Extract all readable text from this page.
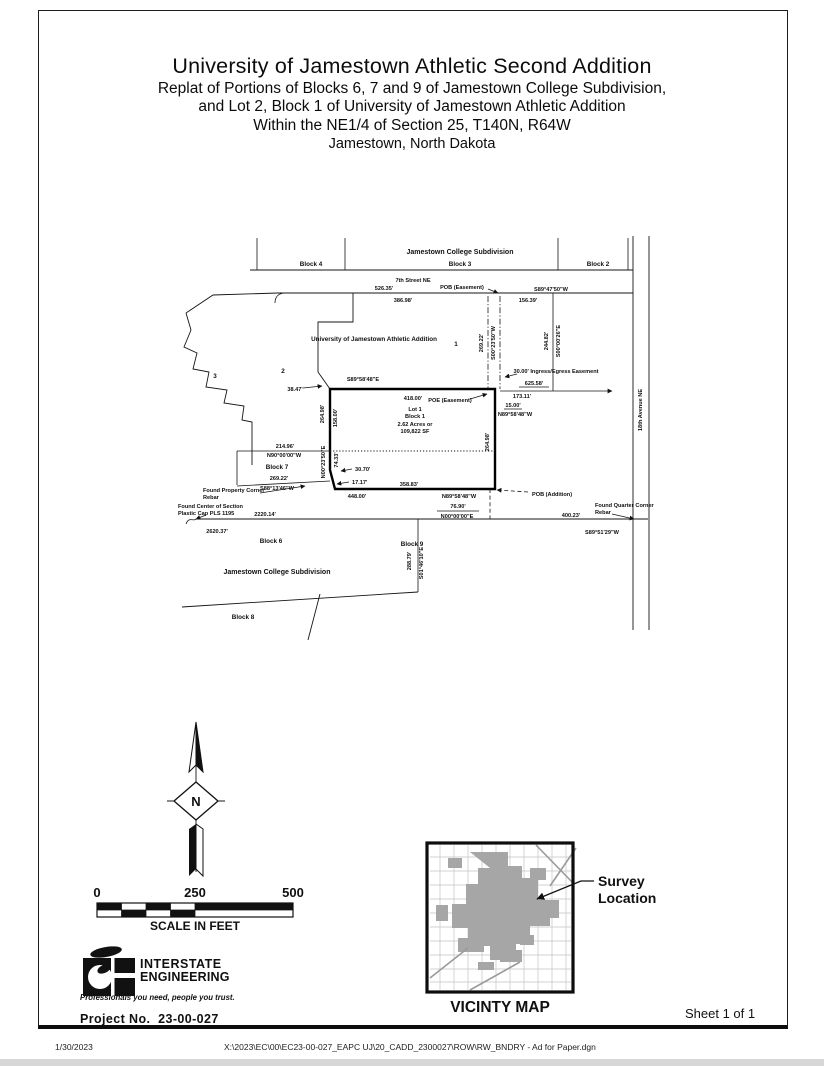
University of Jamestown Athletic Second Addition
Replat of Portions of Blocks 6, 7 and 9 of Jamestown College Subdivision,
and Lot 2, Block 1 of University of Jamestown Athletic Addition
Within the NE1/4 of Section 25, T140N, R64W
Jamestown, North Dakota
Jamestown College Subdivision
Block 3
Block 4	Block 2
7th Street NE
526.35'	POB (Easement)	S89°47'50"W
386.98'	156.39'
University of Jamestown Athletic Addition
1
2
3
269.22' S00°23'50"W	244.82' S00°00'26"E
30.00' Ingress/Egress Easement
625.58'
173.11'
15.00'
N89°58'48"W
POE (Easement)
S89°58'48"E
38.47'
418.00'
264.98' 158.00'	Lot 1
Block 1
2.62 Acres or
109,822 SF
264.98'
214.96'
N90°00'00"W
Block 7
269.22'
S88°13'46"W
N00°23'50"E 74.33'
30.70'
17.17'
448.00'
358.83'
N89°58'48"W	POB (Addition)
76.90'
N00°00'00"E
Found Property Corner
Rebar
Found Center of Section
Plastic Cap PLS 1195	2220.14'
2620.37'
Block 6	Block 9
400.23'
S89°51'29"W
Found Quarter Corner
Rebar
Jamestown College Subdivision
Block 8
288.79' S01°46'10"E
18th Avenue NE
N
0	250	500
SCALE IN FEET
INTERSTATE
ENGINEERING
Professionals you need, people you trust.
Survey
Location
VICINTY MAP
Project No. 23-00-027	Sheet 1 of 1
1/30/2023	X:\2023\EC\00\EC23-00-027_EAPC UJ\20_CADD_2300027\ROW\RW_BNDRY - Ad for Paper.dgn
